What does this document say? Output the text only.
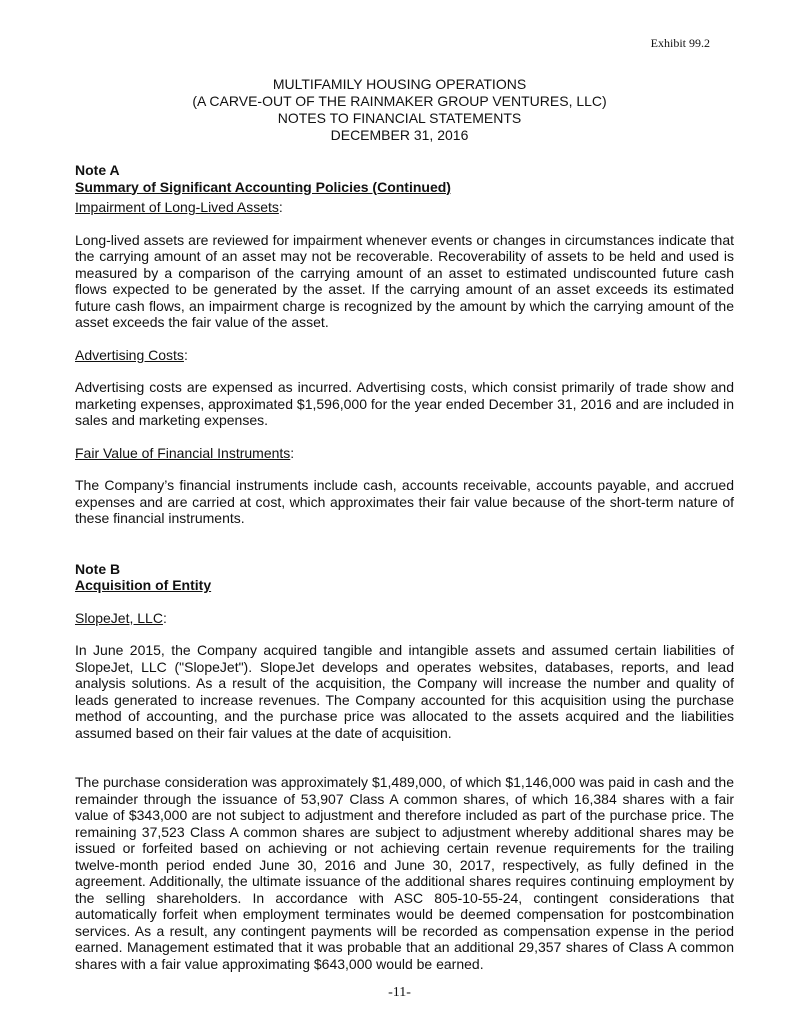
Exhibit 99.2
MULTIFAMILY HOUSING OPERATIONS
(A CARVE-OUT OF THE RAINMAKER GROUP VENTURES, LLC)
NOTES TO FINANCIAL STATEMENTS
DECEMBER 31, 2016
Note A
Summary of Significant Accounting Policies (Continued)
Impairment of Long-Lived Assets:

Long-lived assets are reviewed for impairment whenever events or changes in circumstances indicate that the carrying amount of an asset may not be recoverable. Recoverability of assets to be held and used is measured by a comparison of the carrying amount of an asset to estimated undiscounted future cash flows expected to be generated by the asset. If the carrying amount of an asset exceeds its estimated future cash flows, an impairment charge is recognized by the amount by which the carrying amount of the asset exceeds the fair value of the asset.

Advertising Costs:

Advertising costs are expensed as incurred. Advertising costs, which consist primarily of trade show and marketing expenses, approximated $1,596,000 for the year ended December 31, 2016 and are included in sales and marketing expenses.

Fair Value of Financial Instruments:

The Company’s financial instruments include cash, accounts receivable, accounts payable, and accrued expenses and are carried at cost, which approximates their fair value because of the short-term nature of these financial instruments.

Note B
Acquisition of Entity
SlopeJet, LLC:

In June 2015, the Company acquired tangible and intangible assets and assumed certain liabilities of SlopeJet, LLC ("SlopeJet"). SlopeJet develops and operates websites, databases, reports, and lead analysis solutions. As a result of the acquisition, the Company will increase the number and quality of leads generated to increase revenues. The Company accounted for this acquisition using the purchase method of accounting, and the purchase price was allocated to the assets acquired and the liabilities assumed based on their fair values at the date of acquisition.

The purchase consideration was approximately $1,489,000, of which $1,146,000 was paid in cash and the remainder through the issuance of 53,907 Class A common shares, of which 16,384 shares with a fair value of $343,000 are not subject to adjustment and therefore included as part of the purchase price. The remaining 37,523 Class A common shares are subject to adjustment whereby additional shares may be issued or forfeited based on achieving or not achieving certain revenue requirements for the trailing twelve-month period ended June 30, 2016 and June 30, 2017, respectively, as fully defined in the agreement. Additionally, the ultimate issuance of the additional shares requires continuing employment by the selling shareholders. In accordance with ASC 805-10-55-24, contingent considerations that automatically forfeit when employment terminates would be deemed compensation for postcombination services. As a result, any contingent payments will be recorded as compensation expense in the period earned. Management estimated that it was probable that an additional 29,357 shares of Class A common shares with a fair value approximating $643,000 would be earned.

-11-
